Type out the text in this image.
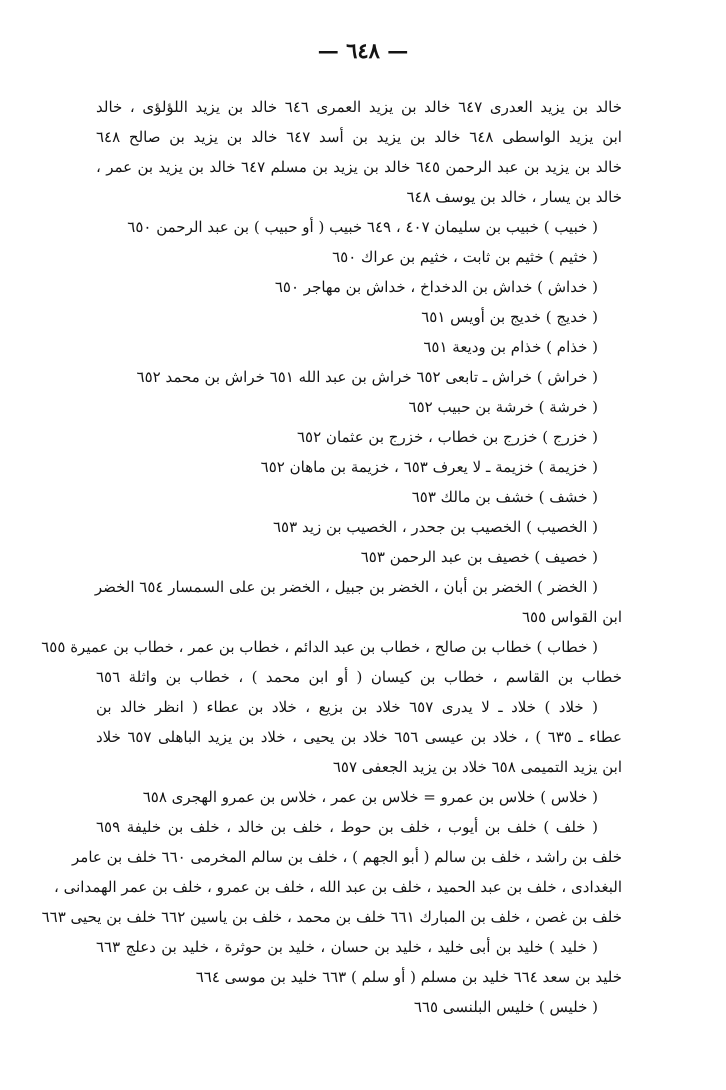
— ٦٤٨ —
خالد بن يزيد العدرى ٦٤٧ خالد بن يزيد العمرى ٦٤٦ خالد بن يزيد اللؤلؤى ، خالد
ابن يزيد الواسطى ٦٤٨ خالد بن يزيد بن أسد ٦٤٧ خالد بن يزيد بن صالح ٦٤٨
خالد بن يزيد بن عبد الرحمن ٦٤٥ خالد بن يزيد بن مسلم ٦٤٧ خالد بن يزيد بن عمر ،
خالد بن يسار ، خالد بن يوسف ٦٤٨
( خبيب ) خبيب بن سليمان ٤٠٧ ، ٦٤٩ خبيب ( أو حبيب ) بن عبد الرحمن ٦٥٠
( خثيم ) خثيم بن ثابت ، خثيم بن عراك ٦٥٠
( خداش ) خداش بن الدخداخ ، خداش بن مهاجر ٦٥٠
( خديج ) خديج بن أويس ٦٥١
( خذام ) خذام بن وديعة ٦٥١
( خراش ) خراش ـ تابعى ٦٥٢ خراش بن عبد الله ٦٥١ خراش بن محمد ٦٥٢
( خرشة ) خرشة بن حبيب ٦٥٢
( خزرج ) خزرج بن خطاب ، خزرج بن عثمان ٦٥٢
( خزيمة ) خزيمة ـ لا يعرف ٦٥٣ ، خزيمة بن ماهان ٦٥٢
( خشف ) خشف بن مالك ٦٥٣
( الخصيب ) الخصيب بن جحدر ، الخصيب بن زيد ٦٥٣
( خصيف ) خصيف بن عبد الرحمن ٦٥٣
( الخضر ) الخضر بن أبان ، الخضر بن جبيل ، الخضر بن على السمسار ٦٥٤ الخضر
ابن القواس ٦٥٥
( خطاب ) خطاب بن صالح ، خطاب بن عبد الدائم ، خطاب بن عمر ، خطاب بن عميرة ٦٥٥
خطاب بن القاسم ، خطاب بن كيسان ( أو ابن محمد ) ، خطاب بن واثلة ٦٥٦
( خلاد ) خلاد ـ لا يدرى ٦٥٧ خلاد بن بزيع ، خلاد بن عطاء ( انظر خالد بن
عطاء ـ ٦٣٥ ) ، خلاد بن عيسى ٦٥٦ خلاد بن يحيى ، خلاد بن يزيد الباهلى ٦٥٧ خلاد
ابن يزيد التميمى ٦٥٨ خلاد بن يزيد الجعفى ٦٥٧
( خلاس ) خلاس بن عمرو = خلاس بن عمر ، خلاس بن عمرو الهجرى ٦٥٨
( خلف ) خلف بن أيوب ، خلف بن حوط ، خلف بن خالد ، خلف بن خليفة ٦٥٩
خلف بن راشد ، خلف بن سالم ( أبو الجهم ) ، خلف بن سالم المخرمى ٦٦٠ خلف بن عامر
البغدادى ، خلف بن عبد الحميد ، خلف بن عبد الله ، خلف بن عمرو ، خلف بن عمر الهمدانى ،
خلف بن غصن ، خلف بن المبارك ٦٦١ خلف بن محمد ، خلف بن ياسين ٦٦٢ خلف بن يحيى ٦٦٣
( خليد ) خليد بن أبى خليد ، خليد بن حسان ، خليد بن حوثرة ، خليد بن دعلج ٦٦٣
خليد بن سعد ٦٦٤ خليد بن مسلم ( أو سلم ) ٦٦٣ خليد بن موسى ٦٦٤
( خليس ) خليس البلنسى ٦٦٥
